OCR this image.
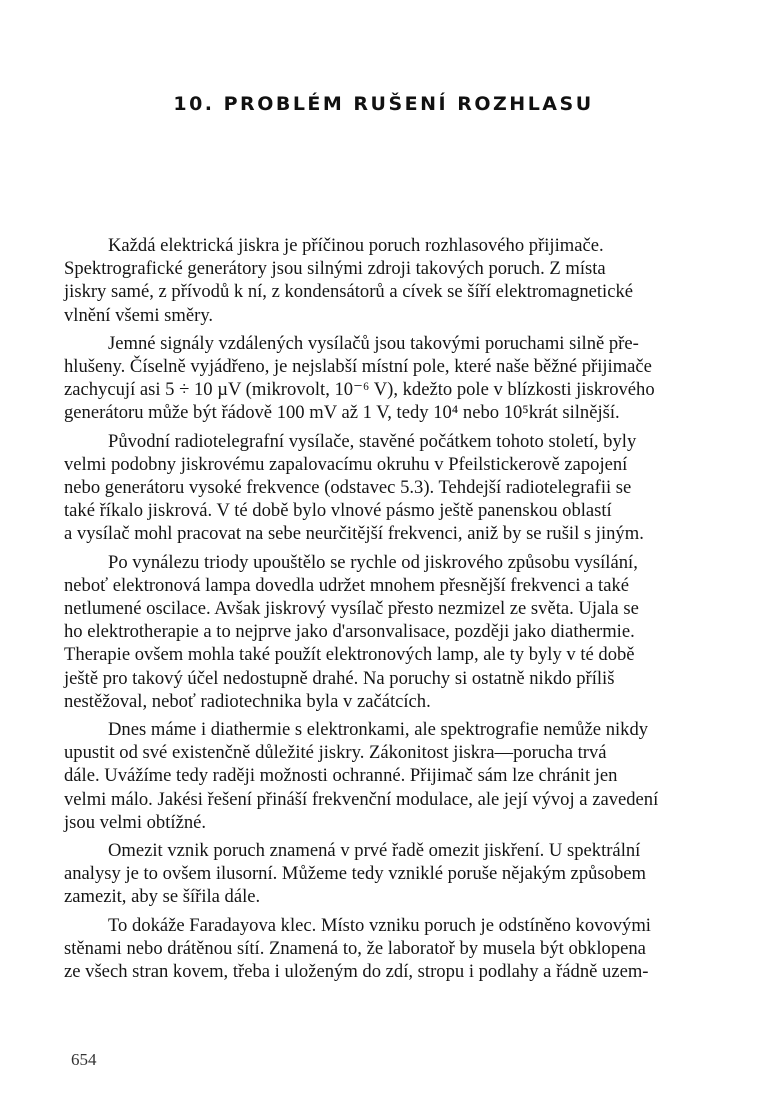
10. PROBLÉM RUŠENÍ ROZHLASU

Každá elektrická jiskra je příčinou poruch rozhlasového přijimače.
Spektrografické generátory jsou silnými zdroji takových poruch. Z místa
jiskry samé, z přívodů k ní, z kondensátorů a cívek se šíří elektromagnetické
vlnění všemi směry.

Jemné signály vzdálených vysílačů jsou takovými poruchami silně pře-
hlušeny. Číselně vyjádřeno, je nejslabší místní pole, které naše běžné přijimače
zachycují asi 5 ÷ 10 µV (mikrovolt, 10⁻⁶ V), kdežto pole v blízkosti jiskrového
generátoru může být řádově 100 mV až 1 V, tedy 10⁴ nebo 10⁵krát silnější.

Původní radiotelegrafní vysílače, stavěné počátkem tohoto století, byly
velmi podobny jiskrovému zapalovacímu okruhu v Pfeilstickerově zapojení
nebo generátoru vysoké frekvence (odstavec 5.3). Tehdejší radiotelegrafii se
také říkalo jiskrová. V té době bylo vlnové pásmo ještě panenskou oblastí
a vysílač mohl pracovat na sebe neurčitější frekvenci, aniž by se rušil s jiným.

Po vynálezu triody upouštělo se rychle od jiskrového způsobu vysílání,
neboť elektronová lampa dovedla udržet mnohem přesnější frekvenci a také
netlumené oscilace. Avšak jiskrový vysílač přesto nezmizel ze světa. Ujala se
ho elektrotherapie a to nejprve jako d'arsonvalisace, později jako diathermie.
Therapie ovšem mohla také použít elektronových lamp, ale ty byly v té době
ještě pro takový účel nedostupně drahé. Na poruchy si ostatně nikdo příliš
nestěžoval, neboť radiotechnika byla v začátcích.

Dnes máme i diathermie s elektronkami, ale spektrografie nemůže nikdy
upustit od své existenčně důležité jiskry. Zákonitost jiskra—porucha trvá
dále. Uvážíme tedy raději možnosti ochranné. Přijimač sám lze chránit jen
velmi málo. Jakési řešení přináší frekvenční modulace, ale její vývoj a zavedení
jsou velmi obtížné.

Omezit vznik poruch znamená v prvé řadě omezit jiskření. U spektrální
analysy je to ovšem ilusorní. Můžeme tedy vzniklé poruše nějakým způsobem
zamezit, aby se šířila dále.

To dokáže Faradayova klec. Místo vzniku poruch je odstíněno kovovými
stěnami nebo drátěnou sítí. Znamená to, že laboratoř by musela být obklopena
ze všech stran kovem, třeba i uloženým do zdí, stropu i podlahy a řádně uzem-

654
